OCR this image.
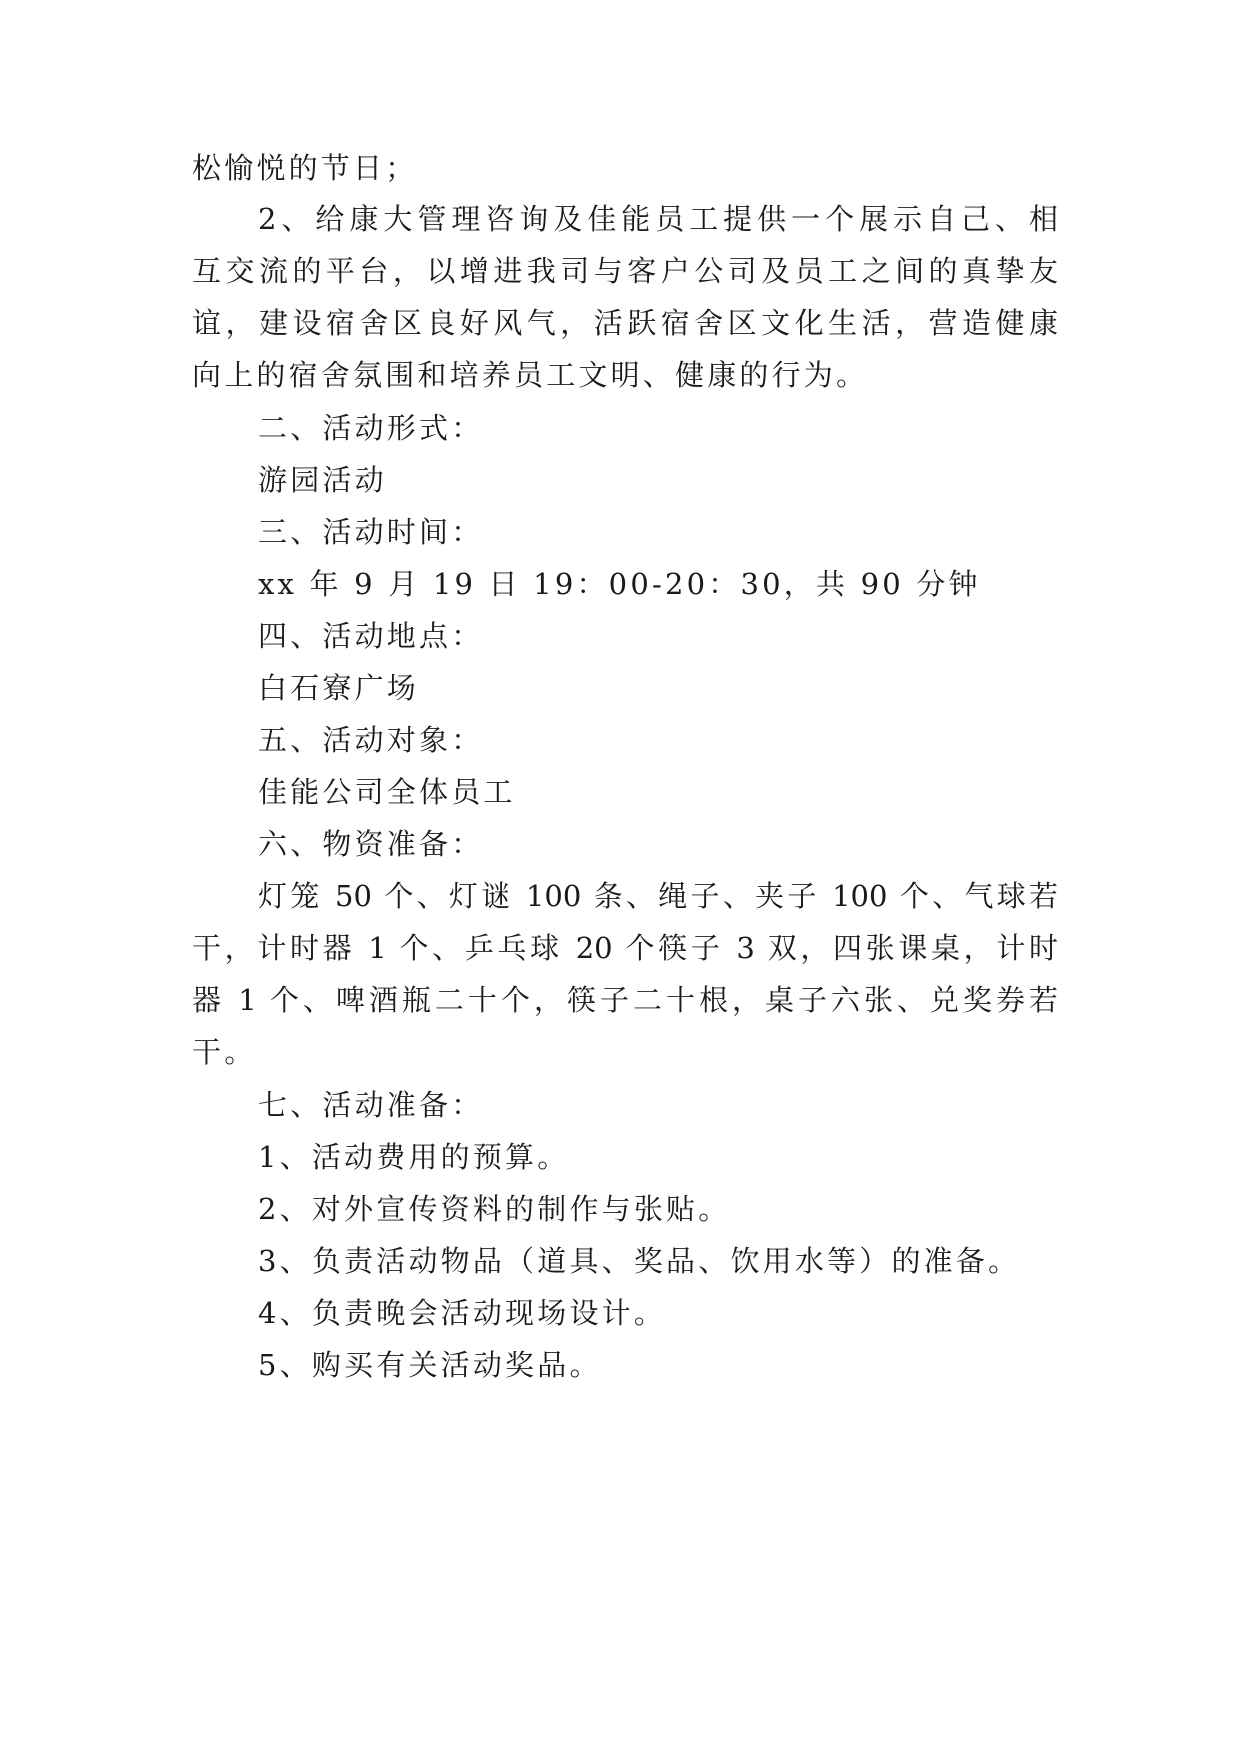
松愉悦的节日；
2、给康大管理咨询及佳能员工提供一个展示自己、相
互交流的平台，以增进我司与客户公司及员工之间的真挚友
谊，建设宿舍区良好风气，活跃宿舍区文化生活，营造健康
向上的宿舍氛围和培养员工文明、健康的行为。
二、活动形式：
游园活动
三、活动时间：
xx 年 9 月 19 日 19：00-20：30，共 90 分钟
四、活动地点：
白石寮广场
五、活动对象：
佳能公司全体员工
六、物资准备：
灯笼 50 个、灯谜 100 条、绳子、夹子 100 个、气球若
干，计时器 1 个、乒乓球 20 个筷子 3 双，四张课桌，计时
器 1 个、啤酒瓶二十个，筷子二十根，桌子六张、兑奖券若
干。
七、活动准备：
1、活动费用的预算。
2、对外宣传资料的制作与张贴。
3、负责活动物品（道具、奖品、饮用水等）的准备。
4、负责晚会活动现场设计。
5、购买有关活动奖品。
